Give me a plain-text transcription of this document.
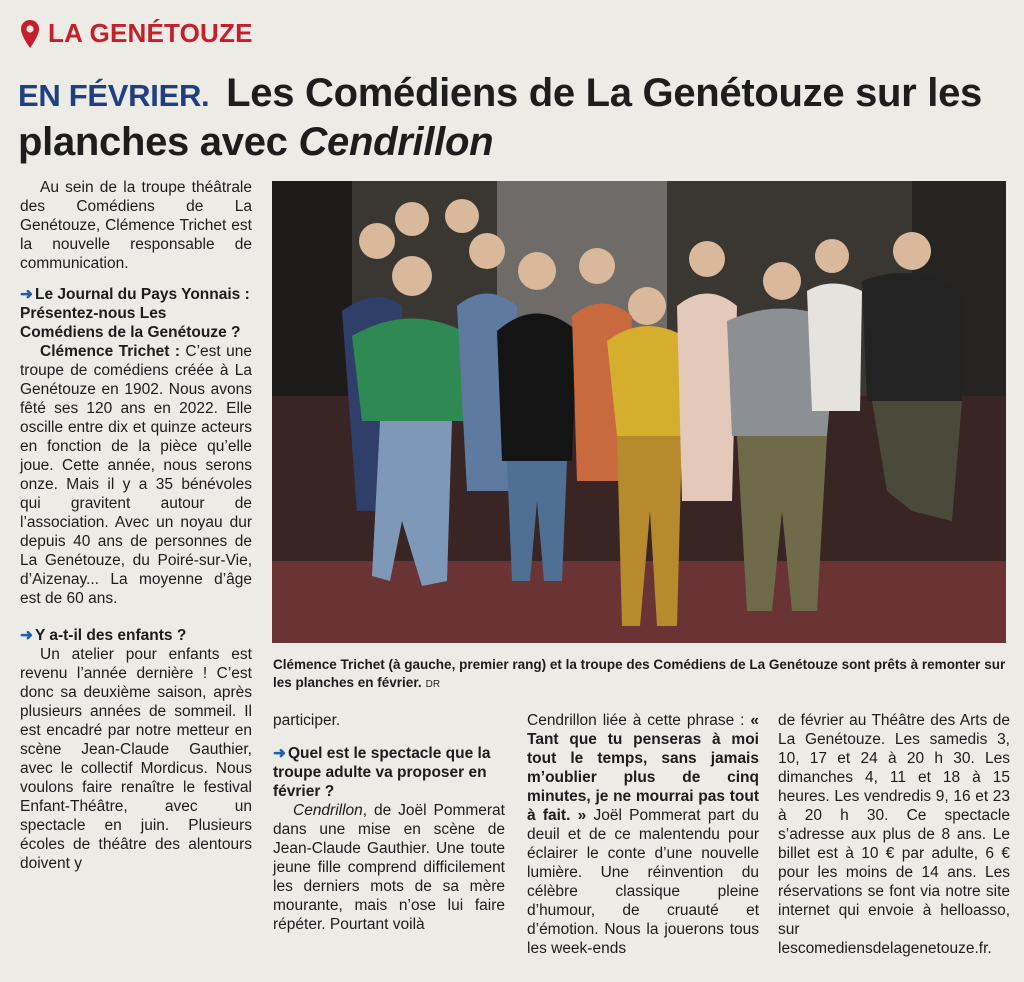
LA GENÉTOUZE
EN FÉVRIER. Les Comédiens de La Genétouze sur les planches avec Cendrillon

Au sein de la troupe théâtrale des Comédiens de La Genétouze, Clémence Trichet est la nouvelle responsable de communication.

➜ Le Journal du Pays Yonnais : Présentez-nous Les Comédiens de la Genétouze ?

Clémence Trichet : C’est une troupe de comédiens créée à La Genétouze en 1902. Nous avons fêté ses 120 ans en 2022. Elle oscille entre dix et quinze acteurs en fonction de la pièce qu’elle joue. Cette année, nous serons onze. Mais il y a 35 bénévoles qui gravitent autour de l’association. Avec un noyau dur depuis 40 ans de personnes de La Genétouze, du Poiré-sur-Vie, d’Aizenay... La moyenne d’âge est de 60 ans.

➜ Y a-t-il des enfants ?

Un atelier pour enfants est revenu l’année dernière ! C’est donc sa deuxième saison, après plusieurs années de sommeil. Il est encadré par notre metteur en scène Jean-Claude Gauthier, avec le collectif Mordicus. Nous voulons faire renaître le festival Enfant-Théâtre, avec un spectacle en juin. Plusieurs écoles de théâtre des alentours doivent y

Clémence Trichet (à gauche, premier rang) et la troupe des Comédiens de La Genétouze sont prêts à remonter sur les planches en février. DR

participer.

➜ Quel est le spectacle que la troupe adulte va proposer en février ?

Cendrillon, de Joël Pommerat dans une mise en scène de Jean-Claude Gauthier. Une toute jeune fille comprend difficilement les derniers mots de sa mère mourante, mais n’ose lui faire répéter. Pourtant voilà

Cendrillon liée à cette phrase : « Tant que tu penseras à moi tout le temps, sans jamais m’oublier plus de cinq minutes, je ne mourrai pas tout à fait. » Joël Pommerat part du deuil et de ce malentendu pour éclairer le conte d’une nouvelle lumière. Une réinvention du célèbre classique pleine d’humour, de cruauté et d’émotion. Nous la jouerons tous les week-ends

de février au Théâtre des Arts de La Genétouze. Les samedis 3, 10, 17 et 24 à 20 h 30. Les dimanches 4, 11 et 18 à 15 heures. Les vendredis 9, 16 et 23 à 20 h 30. Ce spectacle s’adresse aux plus de 8 ans. Le billet est à 10 € par adulte, 6 € pour les moins de 14 ans. Les réservations se font via notre site internet qui envoie à helloasso, sur lescomediensdelagenetouze.fr.
